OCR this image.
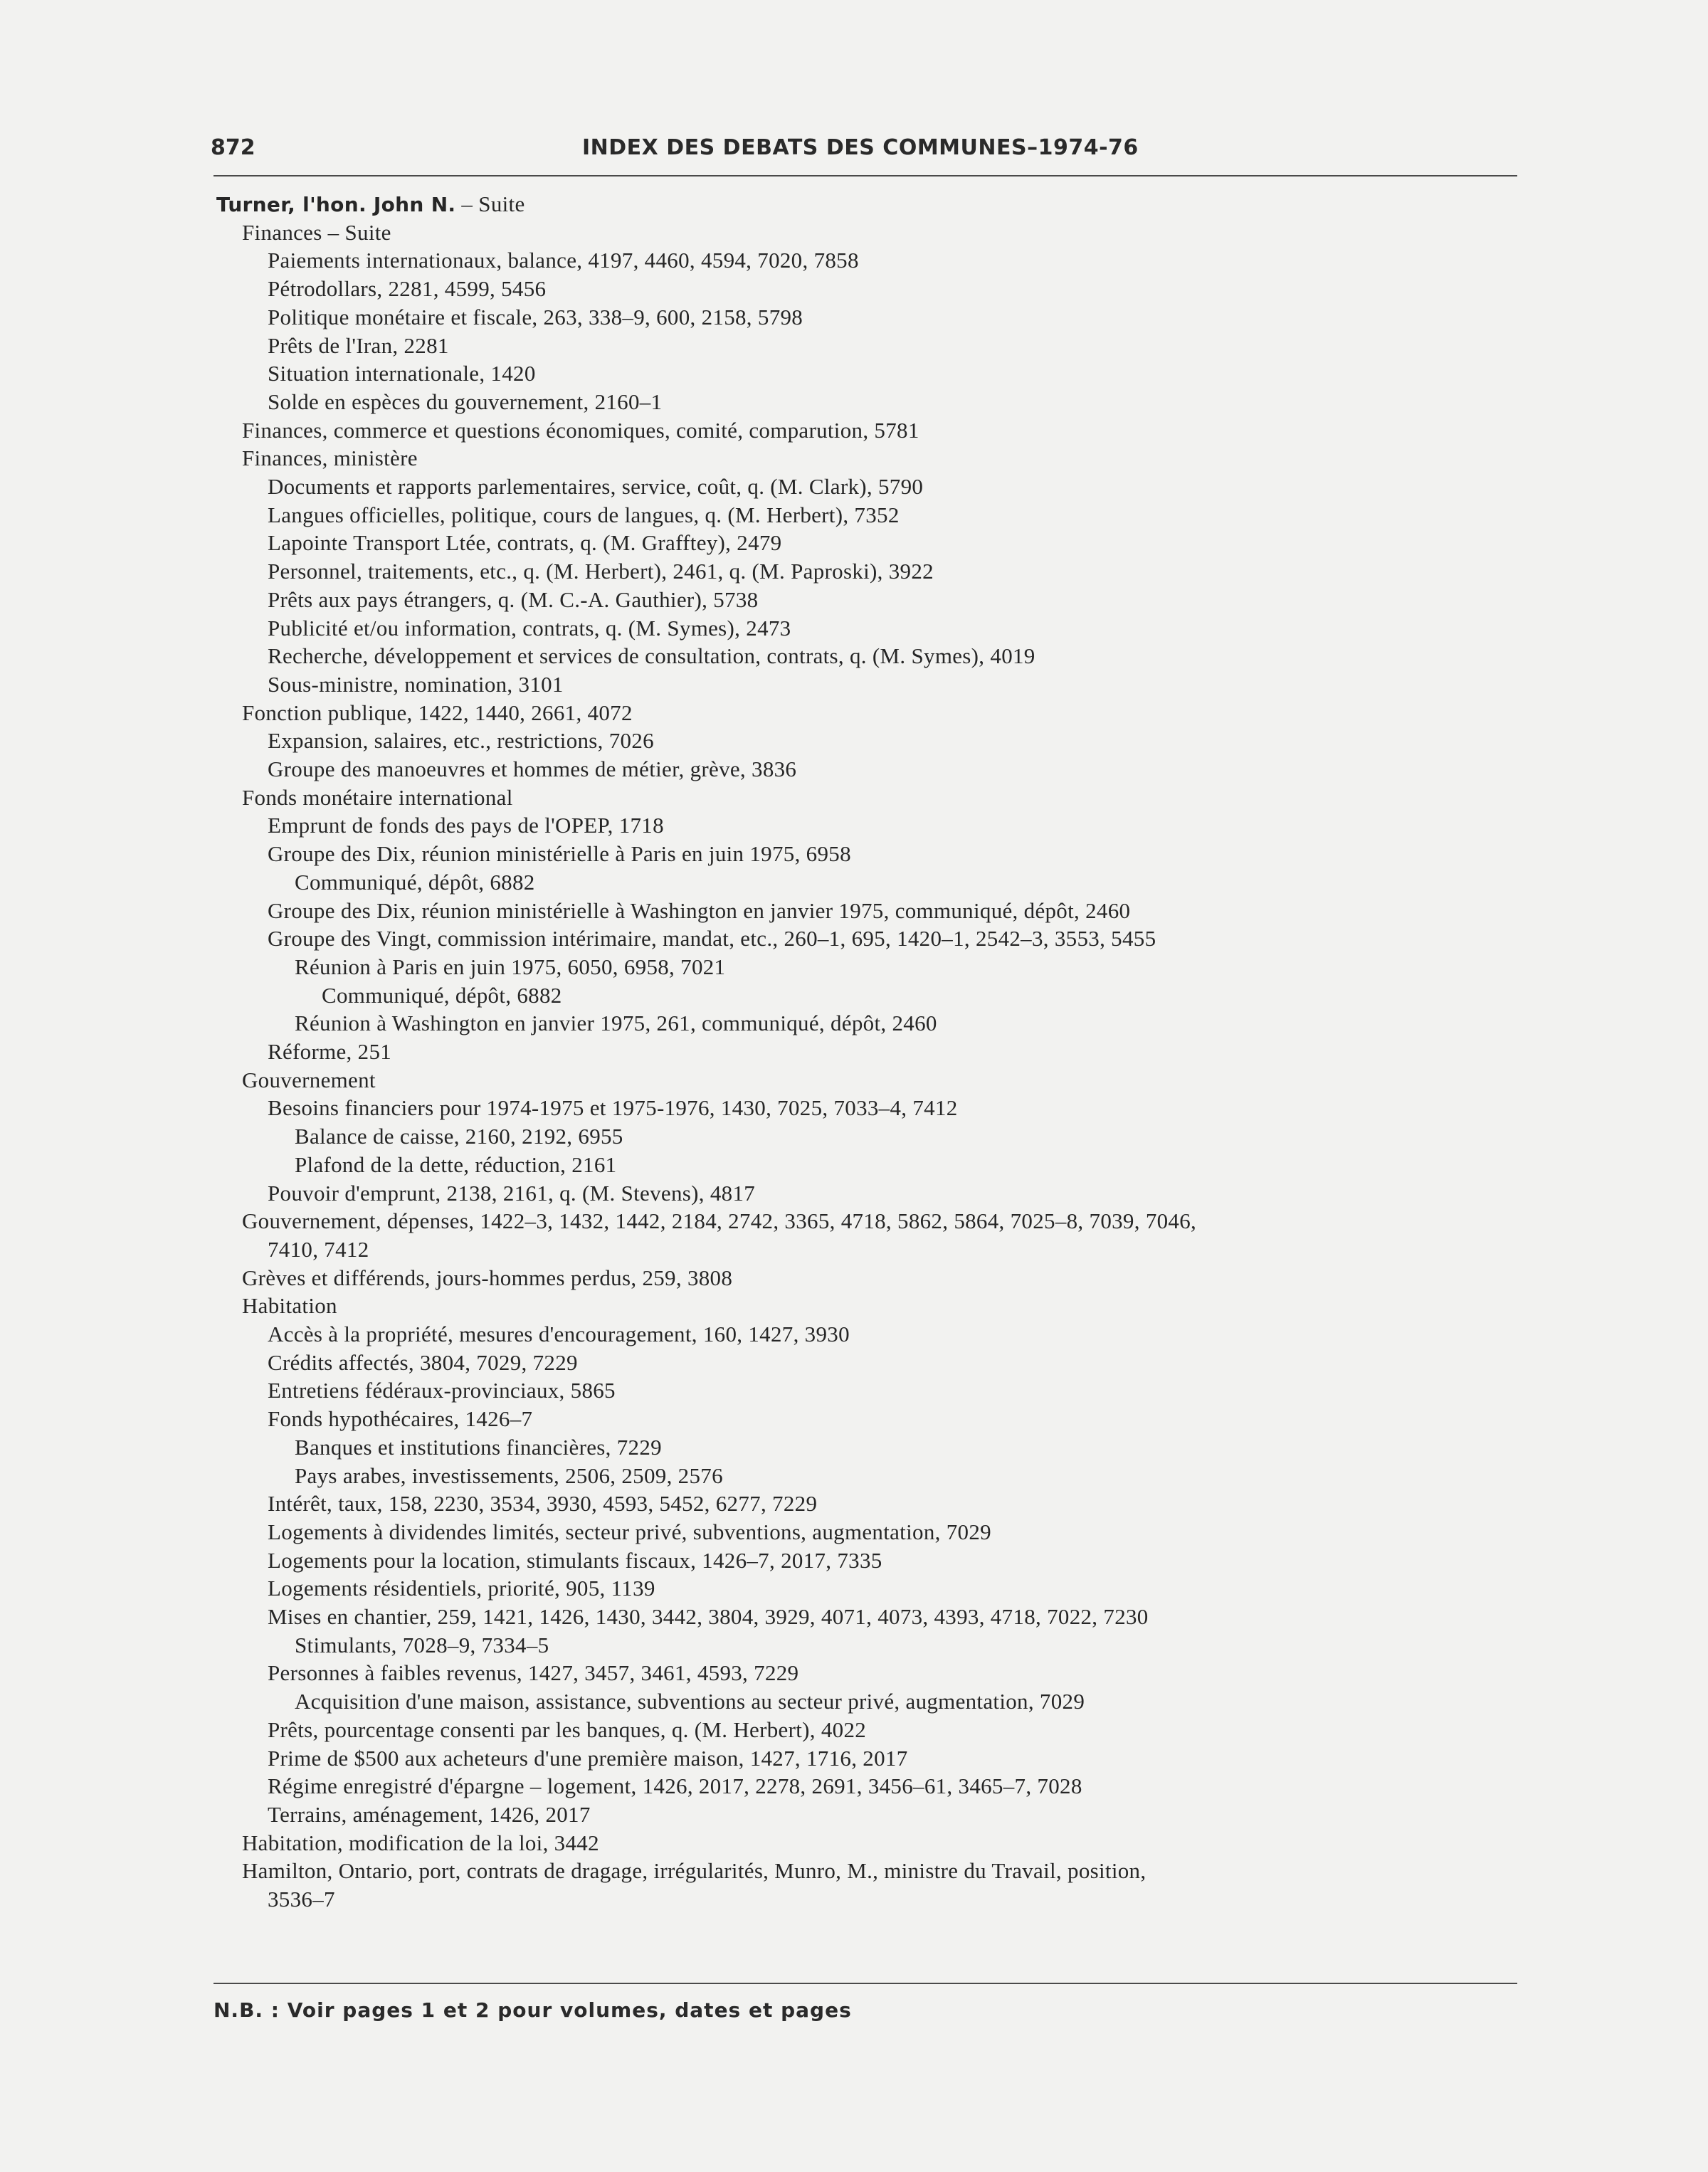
872	INDEX DES DEBATS DES COMMUNES–1974-76
Turner, l'hon. John N. – Suite
Finances – Suite
Paiements internationaux, balance, 4197, 4460, 4594, 7020, 7858
Pétrodollars, 2281, 4599, 5456
Politique monétaire et fiscale, 263, 338–9, 600, 2158, 5798
Prêts de l'Iran, 2281
Situation internationale, 1420
Solde en espèces du gouvernement, 2160–1
Finances, commerce et questions économiques, comité, comparution, 5781
Finances, ministère
Documents et rapports parlementaires, service, coût, q. (M. Clark), 5790
Langues officielles, politique, cours de langues, q. (M. Herbert), 7352
Lapointe Transport Ltée, contrats, q. (M. Grafftey), 2479
Personnel, traitements, etc., q. (M. Herbert), 2461, q. (M. Paproski), 3922
Prêts aux pays étrangers, q. (M. C.-A. Gauthier), 5738
Publicité et/ou information, contrats, q. (M. Symes), 2473
Recherche, développement et services de consultation, contrats, q. (M. Symes), 4019
Sous-ministre, nomination, 3101
Fonction publique, 1422, 1440, 2661, 4072
Expansion, salaires, etc., restrictions, 7026
Groupe des manoeuvres et hommes de métier, grève, 3836
Fonds monétaire international
Emprunt de fonds des pays de l'OPEP, 1718
Groupe des Dix, réunion ministérielle à Paris en juin 1975, 6958
Communiqué, dépôt, 6882
Groupe des Dix, réunion ministérielle à Washington en janvier 1975, communiqué, dépôt, 2460
Groupe des Vingt, commission intérimaire, mandat, etc., 260–1, 695, 1420–1, 2542–3, 3553, 5455
Réunion à Paris en juin 1975, 6050, 6958, 7021
Communiqué, dépôt, 6882
Réunion à Washington en janvier 1975, 261, communiqué, dépôt, 2460
Réforme, 251
Gouvernement
Besoins financiers pour 1974-1975 et 1975-1976, 1430, 7025, 7033–4, 7412
Balance de caisse, 2160, 2192, 6955
Plafond de la dette, réduction, 2161
Pouvoir d'emprunt, 2138, 2161, q. (M. Stevens), 4817
Gouvernement, dépenses, 1422–3, 1432, 1442, 2184, 2742, 3365, 4718, 5862, 5864, 7025–8, 7039, 7046,
7410, 7412
Grèves et différends, jours-hommes perdus, 259, 3808
Habitation
Accès à la propriété, mesures d'encouragement, 160, 1427, 3930
Crédits affectés, 3804, 7029, 7229
Entretiens fédéraux-provinciaux, 5865
Fonds hypothécaires, 1426–7
Banques et institutions financières, 7229
Pays arabes, investissements, 2506, 2509, 2576
Intérêt, taux, 158, 2230, 3534, 3930, 4593, 5452, 6277, 7229
Logements à dividendes limités, secteur privé, subventions, augmentation, 7029
Logements pour la location, stimulants fiscaux, 1426–7, 2017, 7335
Logements résidentiels, priorité, 905, 1139
Mises en chantier, 259, 1421, 1426, 1430, 3442, 3804, 3929, 4071, 4073, 4393, 4718, 7022, 7230
Stimulants, 7028–9, 7334–5
Personnes à faibles revenus, 1427, 3457, 3461, 4593, 7229
Acquisition d'une maison, assistance, subventions au secteur privé, augmentation, 7029
Prêts, pourcentage consenti par les banques, q. (M. Herbert), 4022
Prime de $500 aux acheteurs d'une première maison, 1427, 1716, 2017
Régime enregistré d'épargne – logement, 1426, 2017, 2278, 2691, 3456–61, 3465–7, 7028
Terrains, aménagement, 1426, 2017
Habitation, modification de la loi, 3442
Hamilton, Ontario, port, contrats de dragage, irrégularités, Munro, M., ministre du Travail, position,
3536–7
N.B. : Voir pages 1 et 2 pour volumes, dates et pages
